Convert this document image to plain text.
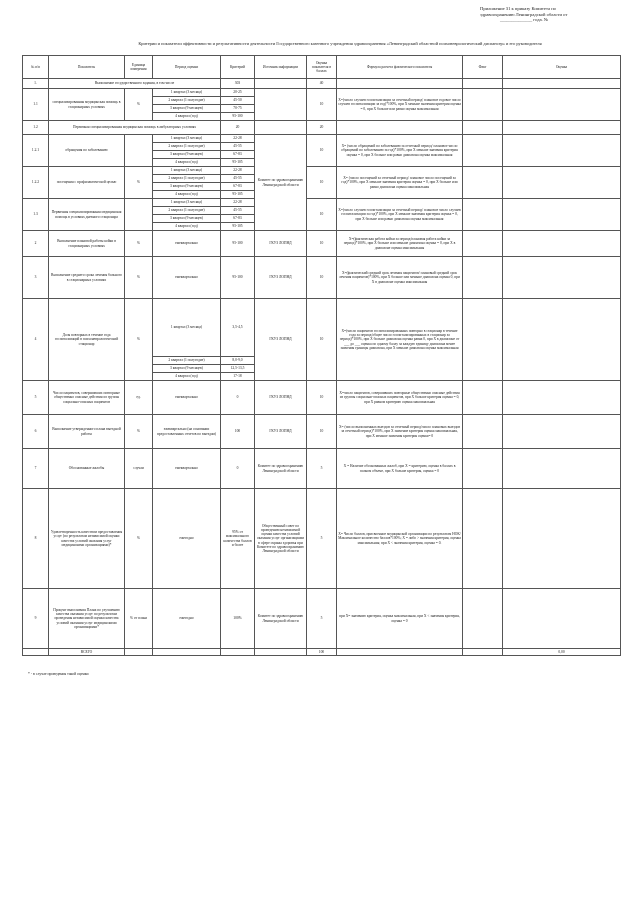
Приложение 31 к приказу Комитета по
здравоохранению Ленинградской области от
______________ года. №
Критерии и показатели эффективности и результативности деятельности Государственного казенного учреждения здравоохранения «Ленинградский областной психоневрологический диспансер» и его руководителя
№ п/п	Показатель	Единица измерения	Период оценки	Критерий	Источник информации	Оценка показателя в баллах	Формула расчета фактического показателя	Факт	Оценка
1.	Выполнение государственного задания, в том числе			303		40			
1.1	специализированная медицинская помощь в стационарных условиях	%	1 квартал (3 месяца)	20-25		10	Х=(число случаев госпитализации за отчетный период/ плановое годовое число случаев госпитализации за год)*100%, при Х меньше значения критерия оценка = 0, при Х больше или равно оценка максимальная		
			2 квартал (1 полугодие)	45-50					
			3 квартал (9 месяцев)	70-75					
			4 квартал (год)	95-100					
1.2	Первичная специализированная медицинская помощь в амбулаторных условиях			20		20			
1.2.1	обращения по заболеванию		1 квартал (3 месяца)	22-28	Комитет по здравоохранению Ленинградской области	10	Х= (число обращений по заболеванию за отчетный период/ плановое число обращений по заболеванию за год)*100%, при Х меньше значения критерия оценка = 0, при Х больше или равно диапазона оценка максимальная		
			2 квартал (1 полугодие)	45-55					
			3 квартал (9 месяцев)	67-83					
			4 квартал (год)	95-105					
1.2.2	посещения с профилактической целью	%	1 квартал (3 месяца)	22-28		10	Х= (число посещений за отчетный период/ плановое число посещений за год)*100%, при Х меньше значения критерия оценка = 0, при Х больше или равно диапазона оценка максимальная		
			2 квартал (1 полугодие)	45-55					
			3 квартал (9 месяцев)	67-83					
			4 квартал (год)	95-105					
1.3	Первичная специализированная медицинская помощь в условиях дневного стационара		1 квартал (3 месяца)	22-28		10	Х=(число случаев госпитализации за отчетный период/ плановое число случаев госпитализации за год)*100%, при Х меньше значения критерия оценка = 0, при Х больше или равно диапазона оценка максимальная		
			2 квартал (1 полугодие)	45-55					
			3 квартал (9 месяцев)	67-83					
			4 квартал (год)	95-105					
2	Выполнение плановой работы койки в стационарных условиях	%	ежеквартально	95-100	ГКУЗ ЛОПНД	10	Х=(фактическая работа койки за период/плановая работа койки за период)*100%, при Х больше или меньше диапазона оценка = 0, при Х в диапазоне оценка максимальная		
3	Выполнение среднего срока лечения больного в стационарных условиях	%	ежеквартально	95-100	ГКУЗ ЛОПНД	10	Х=(фактический средний срок лечения пациентов/ плановый средний срок лечения пациентов)*100%, при Х больше или меньше диапазона оценка 0, при Х в диапазоне оценка максимальная		
4	Доля повторных в течение года госпитализаций в психоневрологический стационар	%	1 квартал (3 месяца)	3,5-4,5	ГКУЗ ЛОПНД	10	Х=(число пациентов госпитализированных повторно в стационар в течение года за период/общее число госпитализированных в стационар за период)*100%, при Х больше диапазона оценка равна 0, при Х в диапазоне от ___ до ___ оценка по одному баллу за каждую единицу диапазона менее значения границы диапазона, при Х меньше диапазона оценка максимальная		
			2 квартал (1 полугодие)	8,0-9,0					
			3 квартал (9 месяцев)	12,5-13,5					
			4 квартал (год)	17-18					
5	Число пациентов, совершивших повторные общественно опасные действия из группы социально-опасных пациентов	ед.	ежеквартально	0	ГКУЗ ЛОПНД	10	Х=число пациентов, совершивших повторные общественно опасные действия из группы социально-опасных пациентов, при Х больше критерия оценка = 0, при Х равном критерию оценка максимальная		
6	Выполнение утвержденного плана выездной работы	%	ежеквартально (на основании предоставленных отчетов по выездам)	100	ГКУЗ ЛОПНД	10	Х= (число выполненных выездов за отчетный период/число плановых выездов за отчетный период)*100%, при Х значение критерия оценка максимальная, при Х меньше значения критерия оценка= 0		
7	Обоснованные жалобы	случаи	ежеквартально	0	Комитет по здравоохранению Ленинградской области	5	Х = Наличие обоснованных жалоб, при Х = критерию, оценка в баллах в полном объеме, при Х больше критерия, оценка = 0		
8	Удовлетворенность качеством предоставления услуг (по результатам независимой оценки качества условий оказания услуг медицинскими организациями)*	%	ежегодно	95% от максимального количества баллов и более	Общественный совет по проведению независимой оценки качества условий оказания услуг организациями в сфере охраны здоровья при Комитете по здравоохранению Ленинградской области	5	Х= Число баллов, присвоенное медицинской организации по результатам НОК/Максимальное количество баллов*100%; Х = либо > значения критерия, оценка максимальная; при Х < значения критерия, оценка = 0.		
9	Процент выполнения Плана по улучшению качества оказания услуг по результатам проведения независимой оценки качества условий оказания услуг медицинскими организациями*	% от плана	ежегодно	100%	Комитет по здравоохранению Ленинградской области	5	при Х= значению критерия, оценка максимальная, при Х < значения критерия, оценка = 0		
	ВСЕГО					100			0,00
* - в случае проведения такой оценки
